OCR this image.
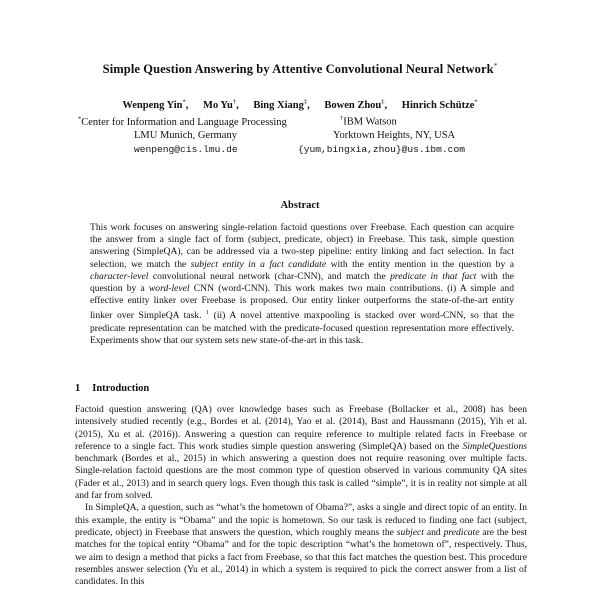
Simple Question Answering by Attentive Convolutional Neural Network*
Wenpeng Yin*, Mo Yu†, Bing Xiang‡, Bowen Zhou‡, Hinrich Schütze*
*Center for Information and Language Processing
LMU Munich, Germany
wenpeng@cis.lmu.de
†IBM Watson
Yorktown Heights, NY, USA
{yum,bingxia,zhou}@us.ibm.com
Abstract
This work focuses on answering single-relation factoid questions over Freebase. Each question can acquire the answer from a single fact of form (subject, predicate, object) in Freebase. This task, simple question answering (SimpleQA), can be addressed via a two-step pipeline: entity linking and fact selection. In fact selection, we match the subject entity in a fact candidate with the entity mention in the question by a character-level convolutional neural network (char-CNN), and match the predicate in that fact with the question by a word-level CNN (word-CNN). This work makes two main contributions. (i) A simple and effective entity linker over Freebase is proposed. Our entity linker outperforms the state-of-the-art entity linker over SimpleQA task. $^1$ (ii) A novel attentive maxpooling is stacked over word-CNN, so that the predicate representation can be matched with the predicate-focused question representation more effectively. Experiments show that our system sets new state-of-the-art in this task.
1 Introduction

Factoid question answering (QA) over knowledge bases such as Freebase (Bollacker et al., 2008) has been intensively studied recently (e.g., Bordes et al. (2014), Yao et al. (2014), Bast and Haussmann (2015), Yih et al. (2015), Xu et al. (2016)). Answering a question can require reference to multiple related facts in Freebase or reference to a single fact. This work studies simple question answering (SimpleQA) based on the SimpleQuestions benchmark (Bordes et al., 2015) in which answering a question does not require reasoning over multiple facts. Single-relation factoid questions are the most common type of question observed in various community QA sites (Fader et al., 2013) and in search query logs. Even though this task is called “simple”, it is in reality not simple at all and far from solved.

In SimpleQA, a question, such as “what’s the hometown of Obama?”, asks a single and direct topic of an entity. In this example, the entity is “Obama” and the topic is hometown. So our task is reduced to finding one fact (subject, predicate, object) in Freebase that answers the question, which roughly means the subject and predicate are the best matches for the topical entity “Obama” and for the topic description “what’s the hometown of”, respectively. Thus, we aim to design a method that picks a fact from Freebase, so that this fact matches the question best. This procedure resembles answer selection (Yu et al., 2014) in which a system is required to pick the correct answer from a list of candidates. In this
